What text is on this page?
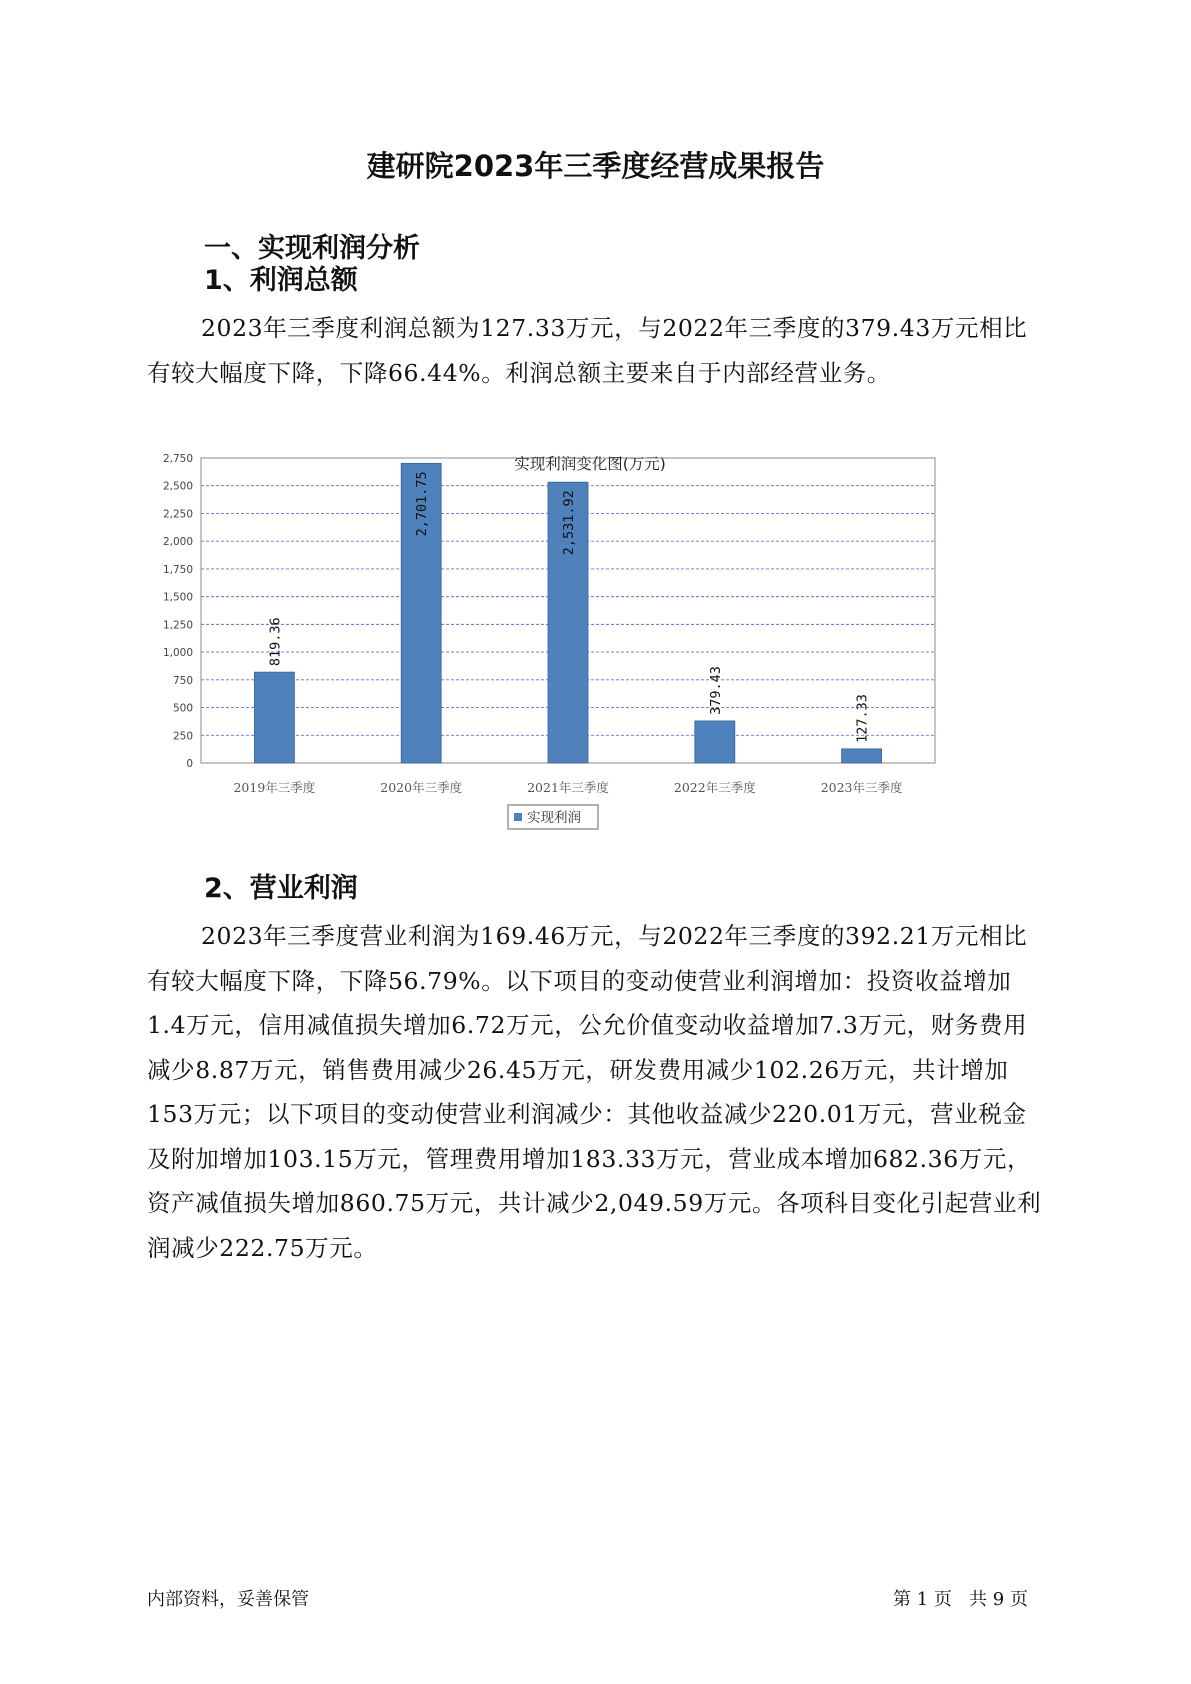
建研院2023年三季度经营成果报告
一、实现利润分析
1、利润总额
2023年三季度利润总额为127.33万元，与2022年三季度的379.43万元相比有较大幅度下降，下降66.44%。利润总额主要来自于内部经营业务。
实现利润变化图(万元)
0
250
500
750
1,000
1,250
1,500
1,750
2,000
2,250
2,500
2,750
819.36
2019年三季度
2,701.75
2020年三季度
2,531.92
2021年三季度
379.43
2022年三季度
127.33
2023年三季度
实现利润
2、营业利润
2023年三季度营业利润为169.46万元，与2022年三季度的392.21万元相比有较大幅度下降，下降56.79%。以下项目的变动使营业利润增加：投资收益增加1.4万元，信用减值损失增加6.72万元，公允价值变动收益增加7.3万元，财务费用减少8.87万元，销售费用减少26.45万元，研发费用减少102.26万元，共计增加153万元；以下项目的变动使营业利润减少：其他收益减少220.01万元，营业税金及附加增加103.15万元，管理费用增加183.33万元，营业成本增加682.36万元，资产减值损失增加860.75万元，共计减少2,049.59万元。各项科目变化引起营业利润减少222.75万元。
内部资料，妥善保管	第 1 页   共 9 页
